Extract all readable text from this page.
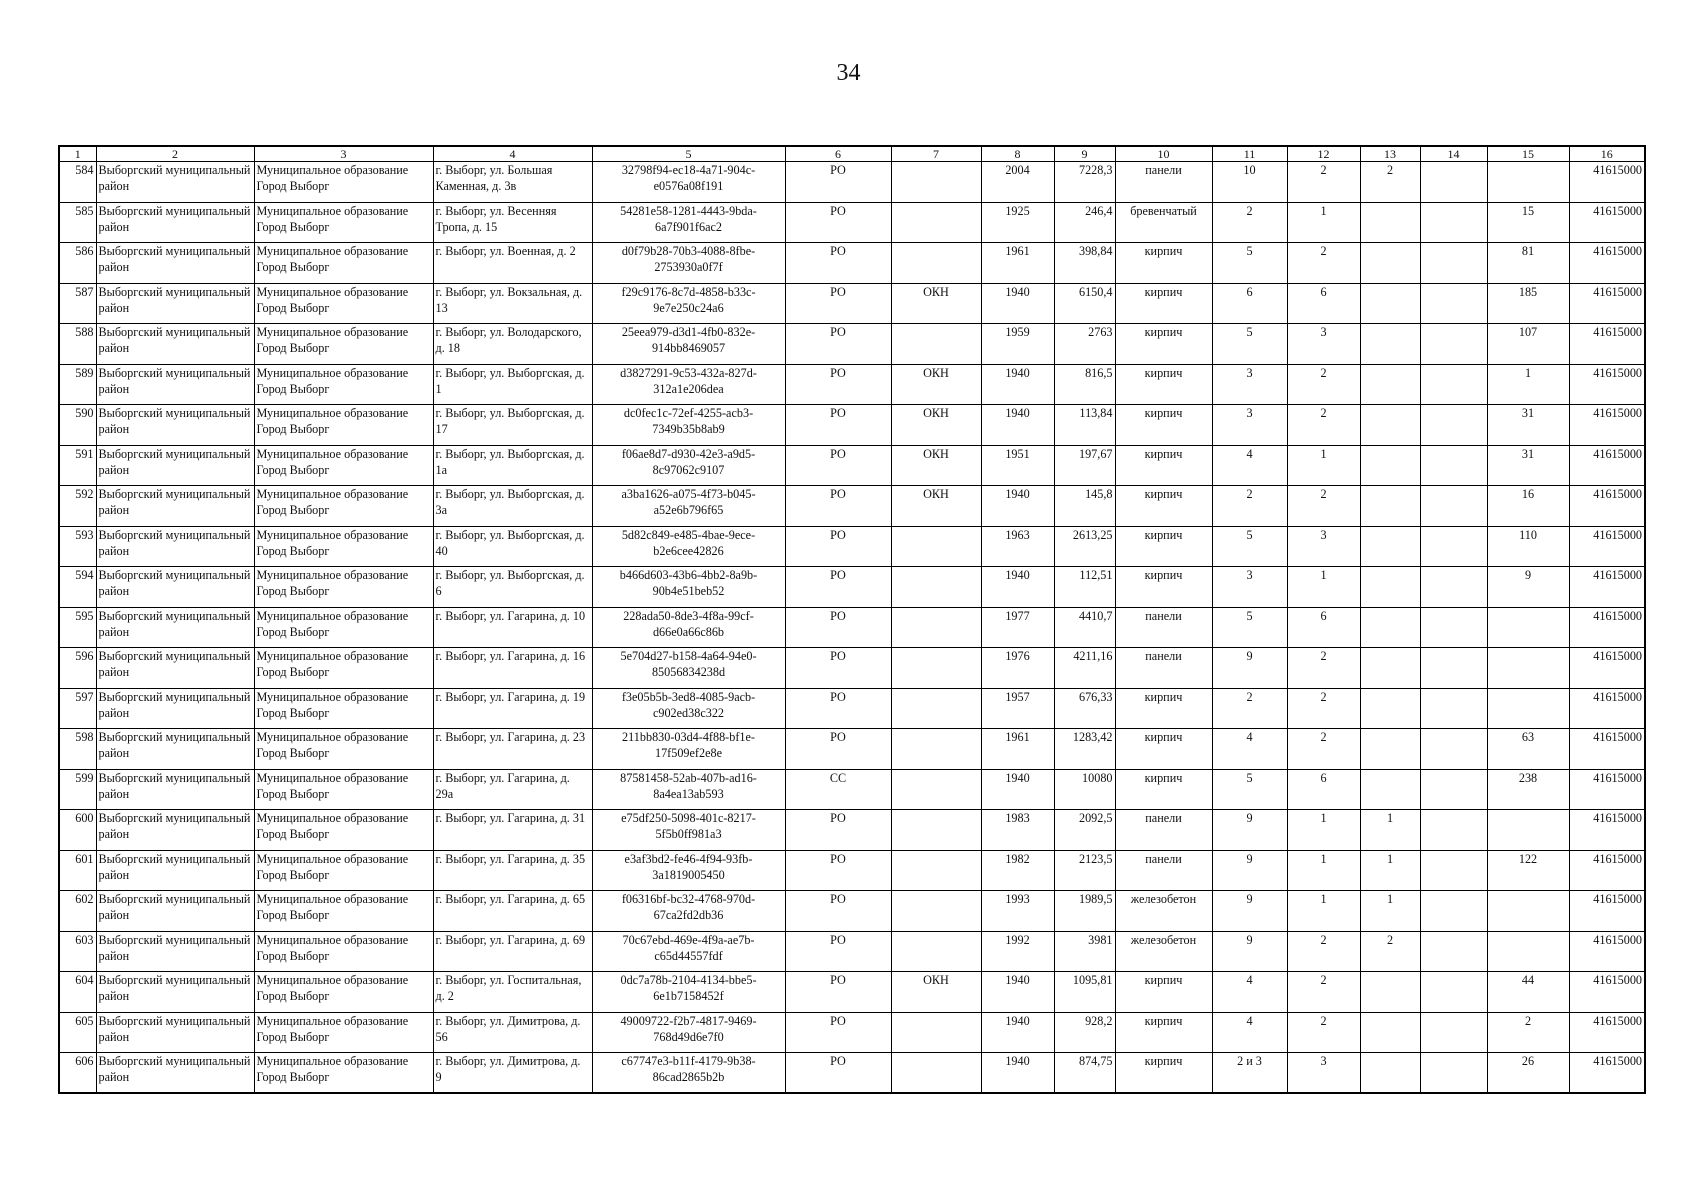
34
1	2	3	4	5	6	7	8	9	10	11	12	13	14	15	16
584	Выборгский муниципальный район	Муниципальное образование Город Выборг	г. Выборг, ул. Большая Каменная, д. 3в	32798f94-ec18-4a71-904c-e0576a08f191	РО		2004	7228,3	панели	10	2	2			41615000
585	Выборгский муниципальный район	Муниципальное образование Город Выборг	г. Выборг, ул. Весенняя Тропа, д. 15	54281e58-1281-4443-9bda-6a7f901f6ac2	РО		1925	246,4	бревенчатый	2	1			15	41615000
586	Выборгский муниципальный район	Муниципальное образование Город Выборг	г. Выборг, ул. Военная, д. 2	d0f79b28-70b3-4088-8fbe-2753930a0f7f	РО		1961	398,84	кирпич	5	2			81	41615000
587	Выборгский муниципальный район	Муниципальное образование Город Выборг	г. Выборг, ул. Вокзальная, д. 13	f29c9176-8c7d-4858-b33c-9e7e250c24a6	РО	ОКН	1940	6150,4	кирпич	6	6			185	41615000
588	Выборгский муниципальный район	Муниципальное образование Город Выборг	г. Выборг, ул. Володарского, д. 18	25eea979-d3d1-4fb0-832e-914bb8469057	РО		1959	2763	кирпич	5	3			107	41615000
589	Выборгский муниципальный район	Муниципальное образование Город Выборг	г. Выборг, ул. Выборгская, д. 1	d3827291-9c53-432a-827d-312a1e206dea	РО	ОКН	1940	816,5	кирпич	3	2			1	41615000
590	Выборгский муниципальный район	Муниципальное образование Город Выборг	г. Выборг, ул. Выборгская, д. 17	dc0fec1c-72ef-4255-acb3-7349b35b8ab9	РО	ОКН	1940	113,84	кирпич	3	2			31	41615000
591	Выборгский муниципальный район	Муниципальное образование Город Выборг	г. Выборг, ул. Выборгская, д. 1а	f06ae8d7-d930-42e3-a9d5-8c97062c9107	РО	ОКН	1951	197,67	кирпич	4	1			31	41615000
592	Выборгский муниципальный район	Муниципальное образование Город Выборг	г. Выборг, ул. Выборгская, д. 3а	a3ba1626-a075-4f73-b045-a52e6b796f65	РО	ОКН	1940	145,8	кирпич	2	2			16	41615000
593	Выборгский муниципальный район	Муниципальное образование Город Выборг	г. Выборг, ул. Выборгская, д. 40	5d82c849-e485-4bae-9ece-b2e6cee42826	РО		1963	2613,25	кирпич	5	3			110	41615000
594	Выборгский муниципальный район	Муниципальное образование Город Выборг	г. Выборг, ул. Выборгская, д. 6	b466d603-43b6-4bb2-8a9b-90b4e51beb52	РО		1940	112,51	кирпич	3	1			9	41615000
595	Выборгский муниципальный район	Муниципальное образование Город Выборг	г. Выборг, ул. Гагарина, д. 10	228ada50-8de3-4f8a-99cf-d66e0a66c86b	РО		1977	4410,7	панели	5	6				41615000
596	Выборгский муниципальный район	Муниципальное образование Город Выборг	г. Выборг, ул. Гагарина, д. 16	5e704d27-b158-4a64-94e0-85056834238d	РО		1976	4211,16	панели	9	2				41615000
597	Выборгский муниципальный район	Муниципальное образование Город Выборг	г. Выборг, ул. Гагарина, д. 19	f3e05b5b-3ed8-4085-9acb-c902ed38c322	РО		1957	676,33	кирпич	2	2				41615000
598	Выборгский муниципальный район	Муниципальное образование Город Выборг	г. Выборг, ул. Гагарина, д. 23	211bb830-03d4-4f88-bf1e-17f509ef2e8e	РО		1961	1283,42	кирпич	4	2			63	41615000
599	Выборгский муниципальный район	Муниципальное образование Город Выборг	г. Выборг, ул. Гагарина, д. 29а	87581458-52ab-407b-ad16-8a4ea13ab593	СС		1940	10080	кирпич	5	6			238	41615000
600	Выборгский муниципальный район	Муниципальное образование Город Выборг	г. Выборг, ул. Гагарина, д. 31	e75df250-5098-401c-8217-5f5b0ff981a3	РО		1983	2092,5	панели	9	1	1			41615000
601	Выборгский муниципальный район	Муниципальное образование Город Выборг	г. Выборг, ул. Гагарина, д. 35	e3af3bd2-fe46-4f94-93fb-3a1819005450	РО		1982	2123,5	панели	9	1	1		122	41615000
602	Выборгский муниципальный район	Муниципальное образование Город Выборг	г. Выборг, ул. Гагарина, д. 65	f06316bf-bc32-4768-970d-67ca2fd2db36	РО		1993	1989,5	железобетон	9	1	1			41615000
603	Выборгский муниципальный район	Муниципальное образование Город Выборг	г. Выборг, ул. Гагарина, д. 69	70c67ebd-469e-4f9a-ae7b-c65d44557fdf	РО		1992	3981	железобетон	9	2	2			41615000
604	Выборгский муниципальный район	Муниципальное образование Город Выборг	г. Выборг, ул. Госпитальная, д. 2	0dc7a78b-2104-4134-bbe5-6e1b7158452f	РО	ОКН	1940	1095,81	кирпич	4	2			44	41615000
605	Выборгский муниципальный район	Муниципальное образование Город Выборг	г. Выборг, ул. Димитрова, д. 56	49009722-f2b7-4817-9469-768d49d6e7f0	РО		1940	928,2	кирпич	4	2			2	41615000
606	Выборгский муниципальный район	Муниципальное образование Город Выборг	г. Выборг, ул. Димитрова, д. 9	c67747e3-b11f-4179-9b38-86cad2865b2b	РО		1940	874,75	кирпич	2 и 3	3			26	41615000
